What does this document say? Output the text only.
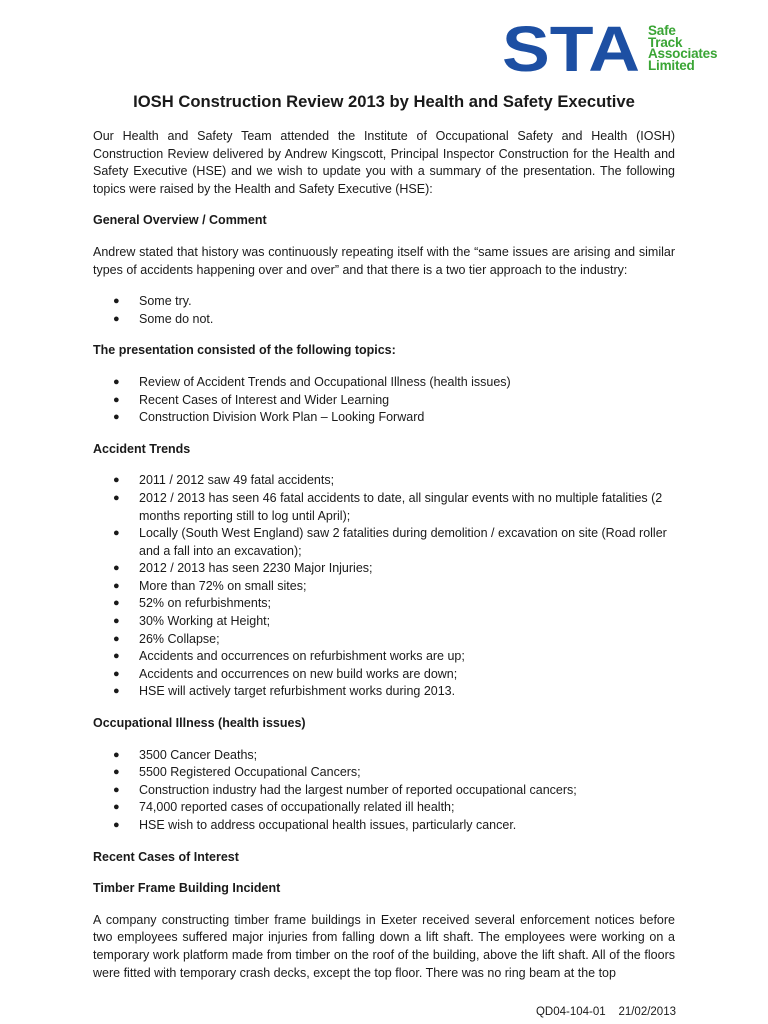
STA Safe
Track
Associates
Limited
IOSH Construction Review 2013 by Health and Safety Executive

Our Health and Safety Team attended the Institute of Occupational Safety and Health (IOSH) Construction Review delivered by Andrew Kingscott, Principal Inspector Construction for the Health and Safety Executive (HSE) and we wish to update you with a summary of the presentation. The following topics were raised by the Health and Safety Executive (HSE):

General Overview / Comment

Andrew stated that history was continuously repeating itself with the “same issues are arising and similar types of accidents happening over and over” and that there is a two tier approach to the industry:

● Some try.
● Some do not.
The presentation consisted of the following topics:
● Review of Accident Trends and Occupational Illness (health issues)
● Recent Cases of Interest and Wider Learning
● Construction Division Work Plan – Looking Forward
Accident Trends
● 2011 / 2012 saw 49 fatal accidents;
● 2012 / 2013 has seen 46 fatal accidents to date, all singular events with no multiple fatalities (2 months reporting still to log until April);
● Locally (South West England) saw 2 fatalities during demolition / excavation on site (Road roller and a fall into an excavation);
● 2012 / 2013 has seen 2230 Major Injuries;
● More than 72% on small sites;
● 52% on refurbishments;
● 30% Working at Height;
● 26% Collapse;
● Accidents and occurrences on refurbishment works are up;
● Accidents and occurrences on new build works are down;
● HSE will actively target refurbishment works during 2013.
Occupational Illness (health issues)
● 3500 Cancer Deaths;
● 5500 Registered Occupational Cancers;
● Construction industry had the largest number of reported occupational cancers;
● 74,000 reported cases of occupationally related ill health;
● HSE wish to address occupational health issues, particularly cancer.
Recent Cases of Interest
Timber Frame Building Incident

A company constructing timber frame buildings in Exeter received several enforcement notices before two employees suffered major injuries from falling down a lift shaft. The employees were working on a temporary work platform made from timber on the roof of the building, above the lift shaft. All of the floors were fitted with temporary crash decks, except the top floor. There was no ring beam at the top

QD04-104-01 21/02/2013
